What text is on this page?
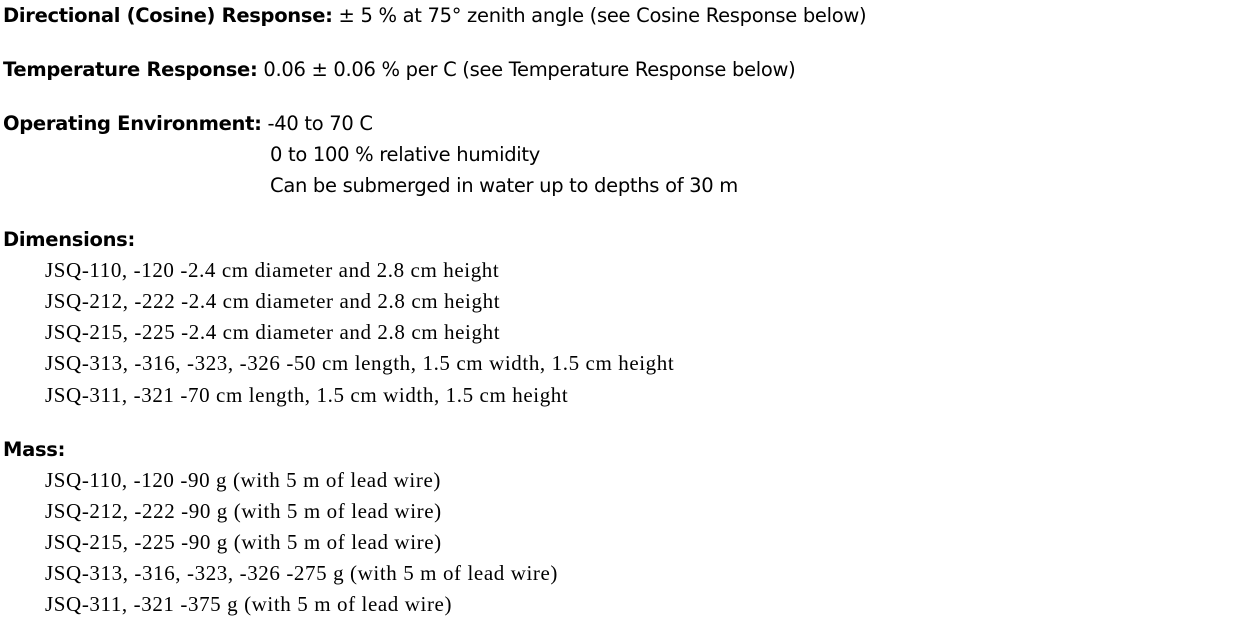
Directional (Cosine) Response: ± 5 % at 75° zenith angle (see Cosine Response below)
Temperature Response: 0.06 ± 0.06 % per C (see Temperature Response below)
Operating Environment: -40 to 70 C
0 to 100 % relative humidity
Can be submerged in water up to depths of 30 m
Dimensions:
JSQ-110, -120 -2.4 cm diameter and 2.8 cm height
JSQ-212, -222 -2.4 cm diameter and 2.8 cm height
JSQ-215, -225 -2.4 cm diameter and 2.8 cm height
JSQ-313, -316, -323, -326 -50 cm length, 1.5 cm width, 1.5 cm height
JSQ-311, -321 -70 cm length, 1.5 cm width, 1.5 cm height
Mass:
JSQ-110, -120 -90 g (with 5 m of lead wire)
JSQ-212, -222 -90 g (with 5 m of lead wire)
JSQ-215, -225 -90 g (with 5 m of lead wire)
JSQ-313, -316, -323, -326 -275 g (with 5 m of lead wire)
JSQ-311, -321 -375 g (with 5 m of lead wire)
